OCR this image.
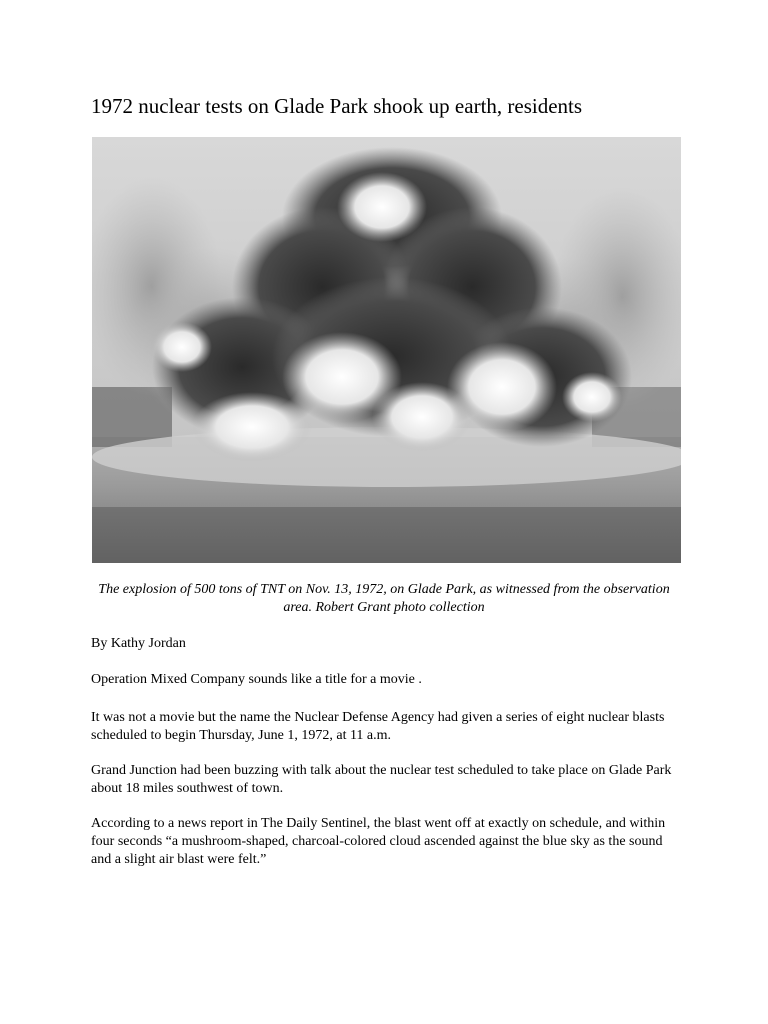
1972 nuclear tests on Glade Park shook up earth, residents

The explosion of 500 tons of TNT on Nov. 13, 1972, on Glade Park, as witnessed from the observation area. Robert Grant photo collection

By Kathy Jordan

Operation Mixed Company sounds like a title for a movie .

It was not a movie but the name the Nuclear Defense Agency had given a series of eight nuclear blasts scheduled to begin Thursday, June 1, 1972, at 11 a.m.

Grand Junction had been buzzing with talk about the nuclear test scheduled to take place on Glade Park about 18 miles southwest of town.

According to a news report in The Daily Sentinel, the blast went off at exactly on schedule, and within four seconds “a mushroom-shaped, charcoal-colored cloud ascended against the blue sky as the sound and a slight air blast were felt.”
